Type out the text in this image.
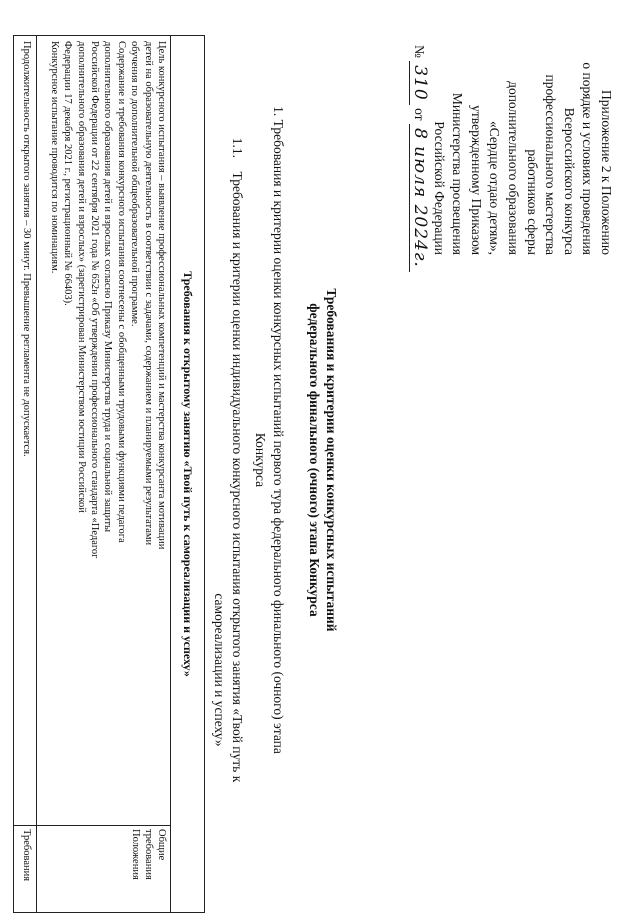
Приложение 2 к Положению
о порядке и условиях проведения
Всероссийского конкурса
профессионального мастерства
работников сферы
дополнительного образования
«Сердце отдаю детям»,
утвержденному Приказом
Министерства просвещения
Российской Федерации
№ 310 от 8 июля 2024г.
Требования и критерии оценки конкурсных испытаний
федерального финального (очного) этапа Конкурса
1. Требования и критерии оценки конкурсных испытаний первого тура федерального финального (очного) этапа
Конкурса
1.1.    Требования и критерии оценки индивидуального конкурсного испытания открытого занятия «Твой путь к
самореализации и успеху»
Требования к открытому занятию «Твой путь к самореализации и успеху»
Общие требования
Положения
Цель конкурсного испытания – выявление профессиональных компетенций и мастерства конкурсанта мотивации
детей на образовательную деятельность в соответствии с задачами, содержанием и планируемыми результатами
обучения по дополнительной общеобразовательной программе.
Содержание и требования конкурсного испытания соотнесены с обобщенными трудовыми функциями педагога
дополнительного образования детей и взрослых согласно Приказу Министерства труда и социальной защиты
Российской Федерации от 22 сентября 2021 года № 652н «Об утверждении профессионального стандарта «Педагог
дополнительного образования детей и взрослых» (зарегистрирован Министерством юстиции Российской
Федерации 17 декабря 2021 г., регистрационный № 66403).
Конкурсное испытание проводится по номинациям.
Требования
Продолжительность открытого занятия – 30 минут. Превышение регламента не допускается.
